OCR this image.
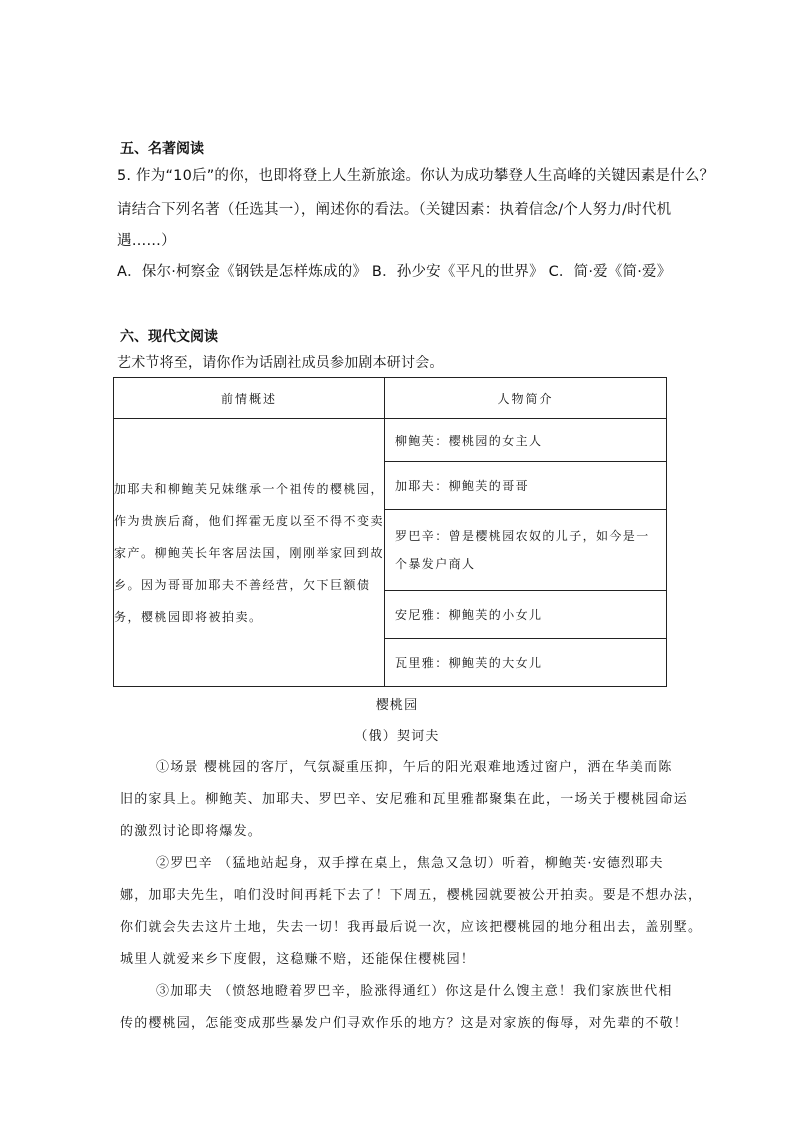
五、名著阅读
5. 作为“10后”的你，也即将登上人生新旅途。你认为成功攀登人生高峰的关键因素是什么？
请结合下列名著（任选其一），阐述你的看法。（关键因素：执着信念/个人努力/时代机
遇……）
A．保尔·柯察金《钢铁是怎样炼成的》 B．孙少安《平凡的世界》 C．简·爱《简·爱》
六、现代文阅读
艺术节将至，请你作为话剧社成员参加剧本研讨会。
前情概述	人物简介
加耶夫和柳鲍芙兄妹继承一个祖传的樱桃园，作为贵族后裔，他们挥霍无度以至不得不变卖家产。柳鲍芙长年客居法国，刚刚举家回到故乡。因为哥哥加耶夫不善经营，欠下巨额债务，樱桃园即将被拍卖。	柳鲍芙：樱桃园的女主人

	加耶夫：柳鲍芙的哥哥

	罗巴辛：曾是樱桃园农奴的儿子，如今是一个暴发户商人

	安尼雅：柳鲍芙的小女儿

	瓦里雅：柳鲍芙的大女儿
樱桃园
（俄）契诃夫
①场景 樱桃园的客厅，气氛凝重压抑，午后的阳光艰难地透过窗户，洒在华美而陈
旧的家具上。柳鲍芙、加耶夫、罗巴辛、安尼雅和瓦里雅都聚集在此，一场关于樱桃园命运
的激烈讨论即将爆发。
②罗巴辛 （猛地站起身，双手撑在桌上，焦急又急切）听着，柳鲍芙·安德烈耶夫
娜，加耶夫先生，咱们没时间再耗下去了！下周五，樱桃园就要被公开拍卖。要是不想办法，
你们就会失去这片土地，失去一切！我再最后说一次，应该把樱桃园的地分租出去，盖别墅。
城里人就爱来乡下度假，这稳赚不赔，还能保住樱桃园！
③加耶夫 （愤怒地瞪着罗巴辛，脸涨得通红）你这是什么馊主意！我们家族世代相
传的樱桃园，怎能变成那些暴发户们寻欢作乐的地方？这是对家族的侮辱，对先辈的不敬！
